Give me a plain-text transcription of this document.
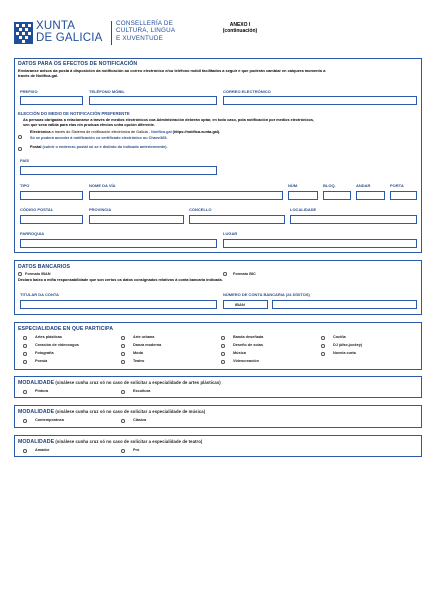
XUNTA
DE GALICIA
CONSELLERÍA DE
CULTURA, LINGUA
E XUVENTUDE
ANEXO I
(continuación)
DATOS PARA OS EFECTOS DE NOTIFICACIÓN
Enviaranse avisos da posta á disposición da notificación ao correo electrónico e/ou teléfono móbil facilitados a seguir e que poderán cambiar en calquera momento a
través de Notifica.gal.
PREFIXO	TELÉFONO MÓBIL	CORREO ELECTRÓNICO
ELECCIÓN DO MEDIO DE NOTIFICACIÓN PREFERENTE
As persoas obrigadas a relacionarse a través de medios electrónicos coa Administración deberán optar, en todo caso, pola notificación por medios electrónicos,
sen que sexa válida para elas nin produza efectos unha opción diferente.
Electrónica a través do Sistema de notificación electrónica de Galicia - Notifica.gal (https://notifica.xunta.gal).
Só se poderá acceder á notificación co certificado electrónico ou Chave365.
Postal (cubrir o enderezo postal só se é distinto do indicado anteriormente).
PAÍS
TIPO	NOME DA VÍA	NÚM.	BLOQ.	ANDAR	PORTA
CÓDIGO POSTAL	PROVINCIA	CONCELLO	LOCALIDADE
PARROQUIA	LUGAR
DATOS BANCARIOS
Formato IBAN	Formato BIC
Declaro baixo a miña responsabilidade que son certos os datos consignados relativos á conta bancaria indicada.
TITULAR DA CONTA	NÚMERO DE CONTA BANCARIA (24 DÍXITOS)
IBAN
ESPECIALIDADE EN QUE PARTICIPA
Artes plásticas
Creación de videoxogos
Fotografía
Poesía
Arte urbana
Danza moderna
Moda
Teatro
Banda deseñada
Deseño de xoias
Música
Videocreación
Cociña
DJ (disc-jockey)
Novela curta
MODALIDADE (sinálese cunha cruz só no caso de solicitar a especialidade de artes plásticas)
Pintura	Escultura
MODALIDADE (sinálese cunha cruz só no caso de solicitar a especialidade de música)
Contemporánea	Clásica
MODALIDADE (sinálese cunha cruz só no caso de solicitar a especialidade de teatro)
Amador	Pro
